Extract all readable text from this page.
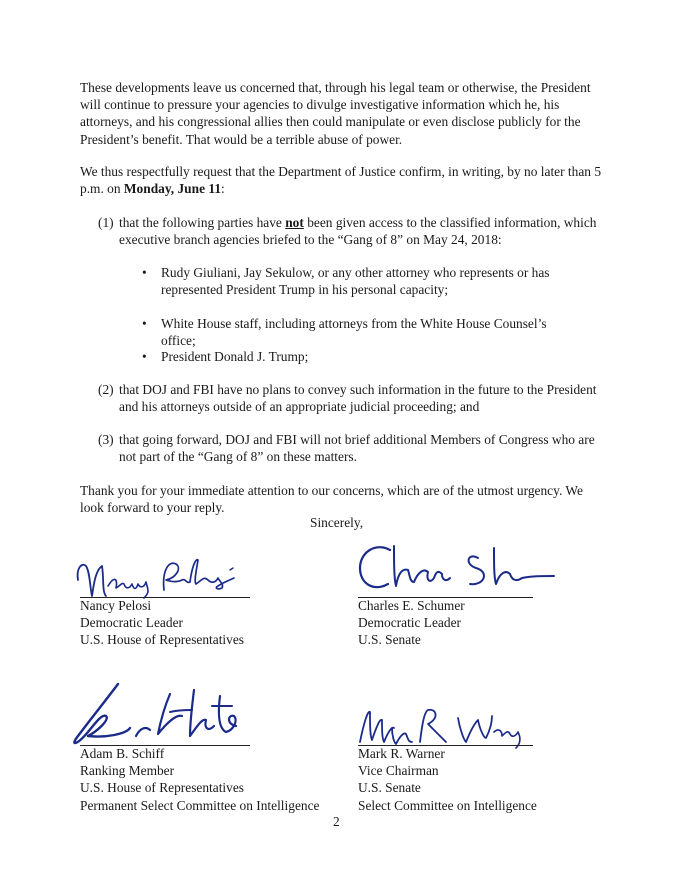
These developments leave us concerned that, through his legal team or otherwise, the President will continue to pressure your agencies to divulge investigative information which he, his attorneys, and his congressional allies then could manipulate or even disclose publicly for the President’s benefit. That would be a terrible abuse of power.

We thus respectfully request that the Department of Justice confirm, in writing, by no later than 5 p.m. on Monday, June 11:

(1) that the following parties have not been given access to the classified information, which executive branch agencies briefed to the “Gang of 8” on May 24, 2018:
•	Rudy Giuliani, Jay Sekulow, or any other attorney who represents or has represented President Trump in his personal capacity;
•	White House staff, including attorneys from the White House Counsel’s office;
•	President Donald J. Trump;
(2) that DOJ and FBI have no plans to convey such information in the future to the President and his attorneys outside of an appropriate judicial proceeding; and
(3) that going forward, DOJ and FBI will not brief additional Members of Congress who are not part of the “Gang of 8” on these matters.

Thank you for your immediate attention to our concerns, which are of the utmost urgency. We look forward to your reply.

Sincerely,
Nancy Pelosi
Democratic Leader
U.S. House of Representatives
Charles E. Schumer
Democratic Leader
U.S. Senate
Adam B. Schiff
Ranking Member
U.S. House of Representatives
Permanent Select Committee on Intelligence
Mark R. Warner
Vice Chairman
U.S. Senate
Select Committee on Intelligence
2
